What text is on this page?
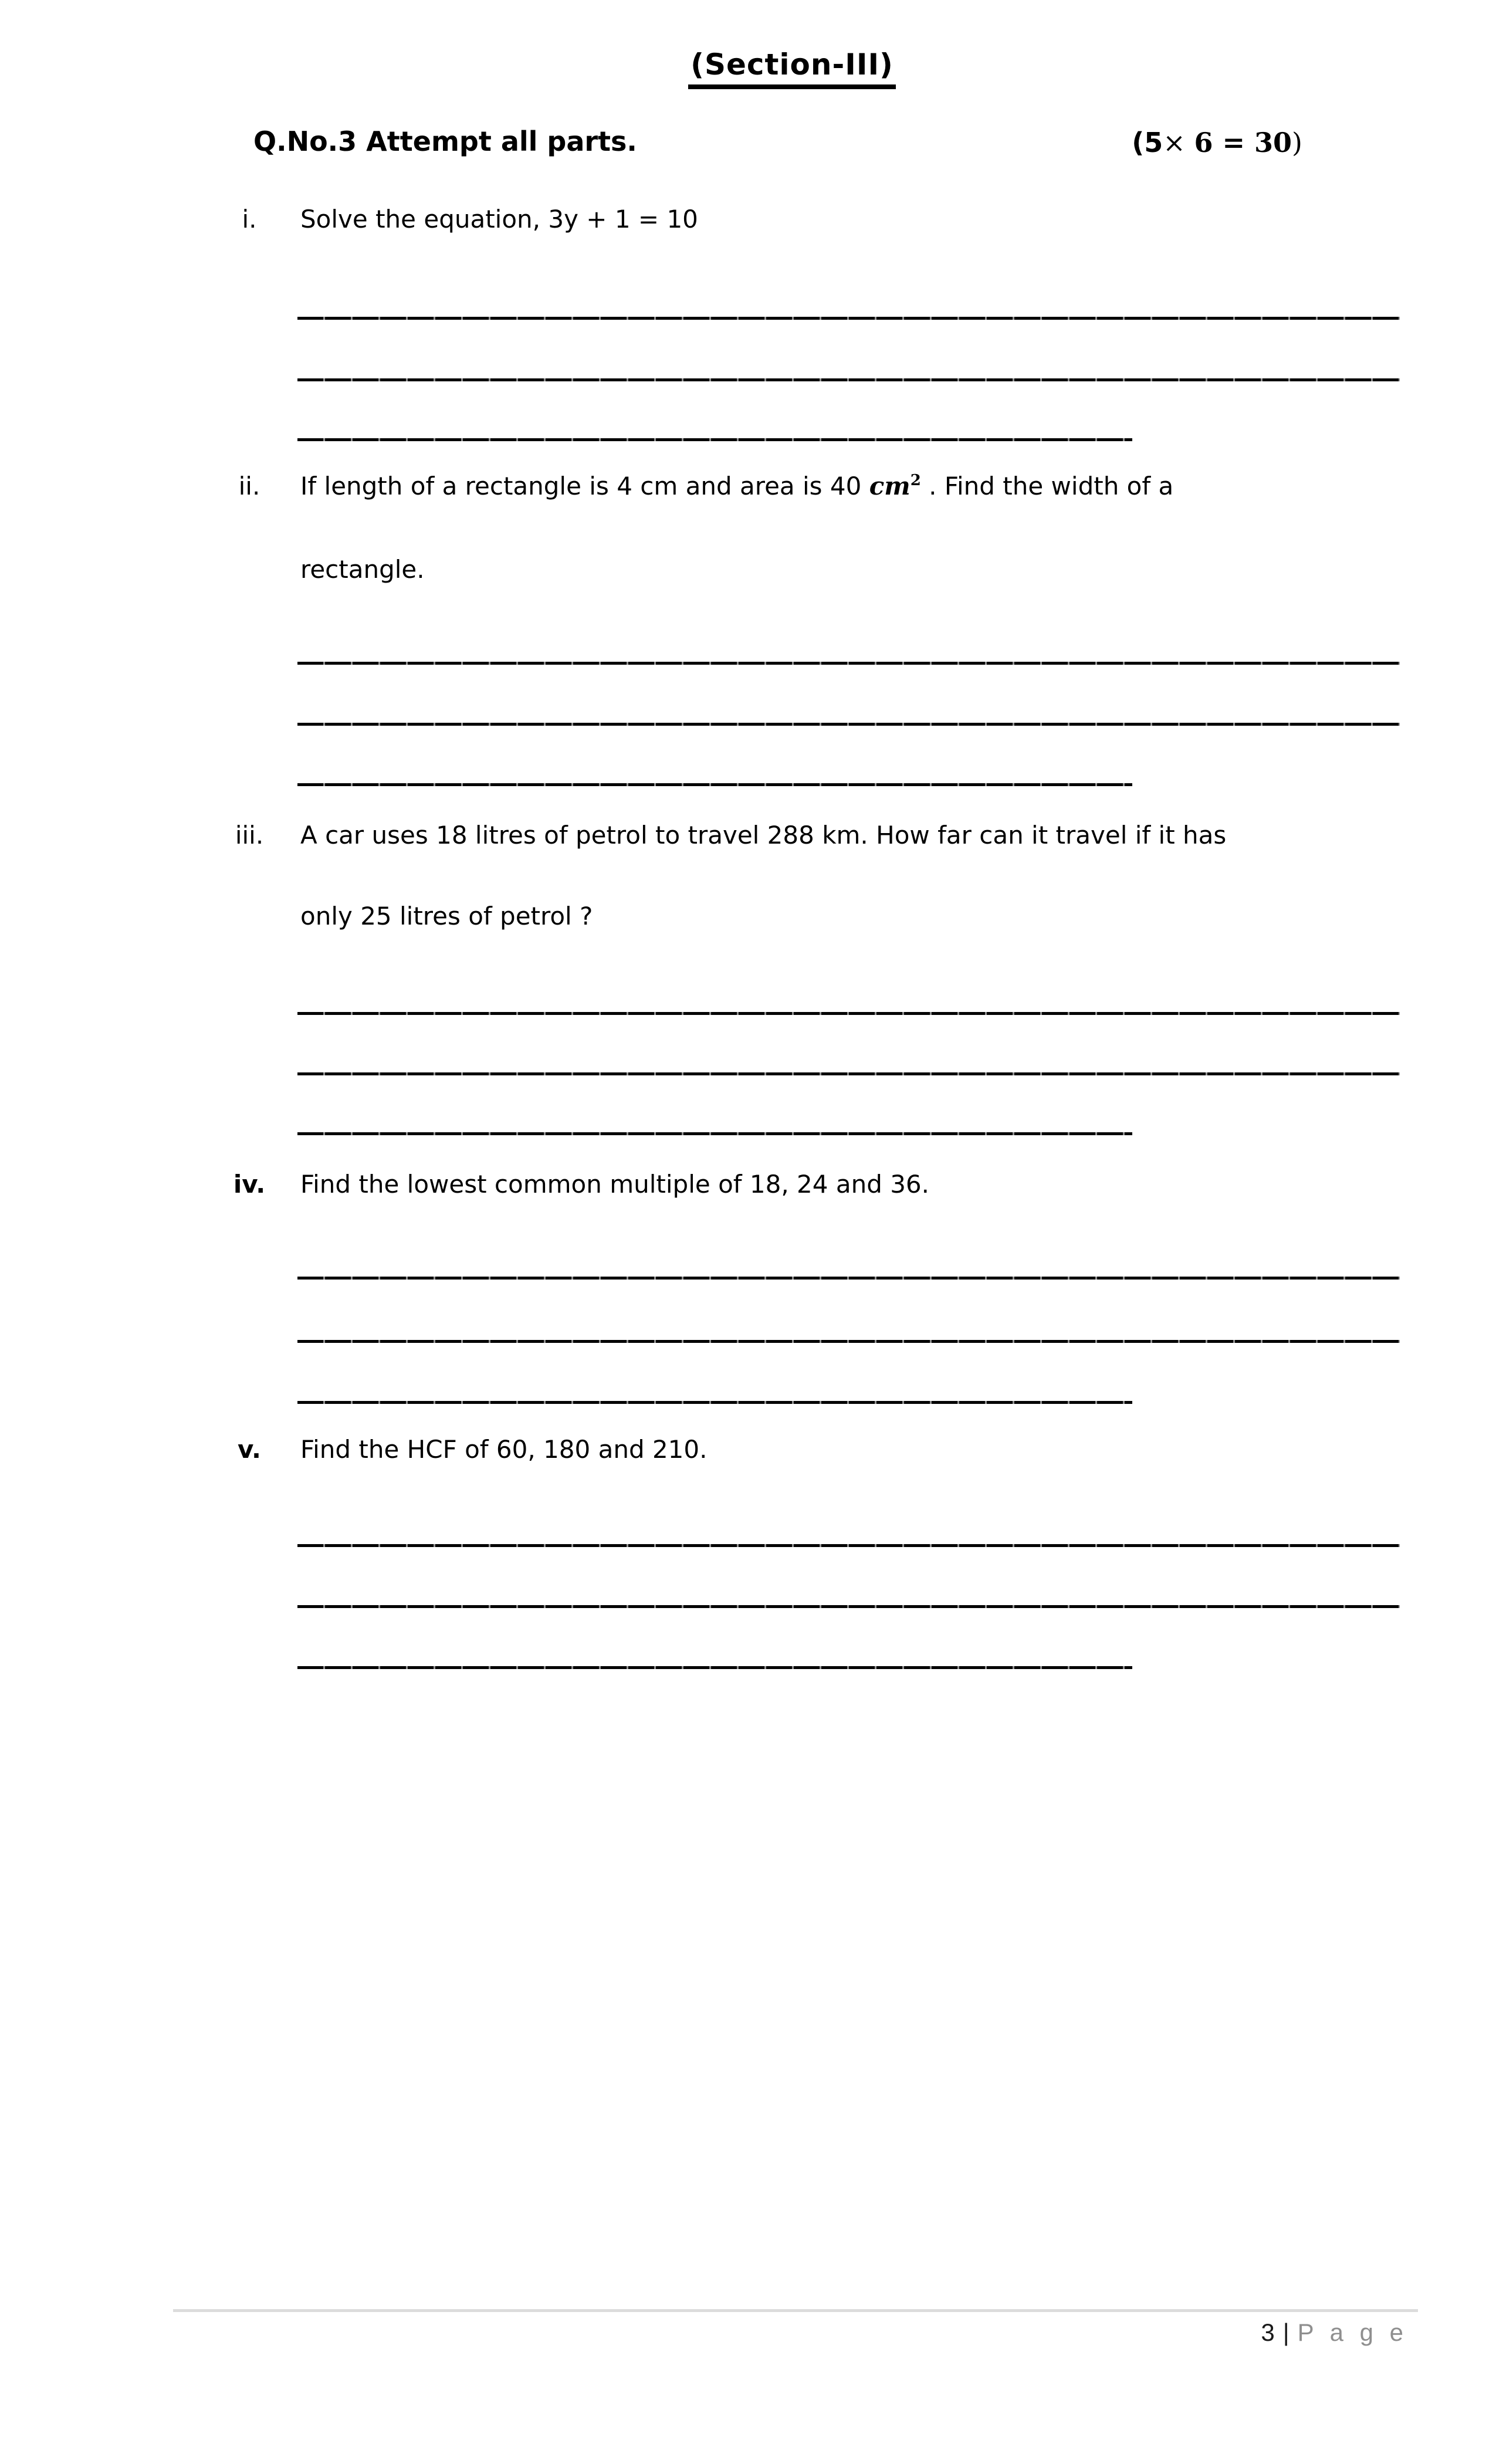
(Section-III)
Q.No.3 Attempt all parts.	(5× 6 = 30)
i.	Solve the equation, 3y + 1 = 10
ii.	If length of a rectangle is 4 cm and area is 40 $cm^2$ . Find the width of a
rectangle.
iii.	A car uses 18 litres of petrol to travel 288 km. How far can it travel if it has
only 25 litres of petrol ?
iv.	Find the lowest common multiple of 18, 24 and 36.
v.	Find the HCF of 60, 180 and 210.
3 | P a g e
